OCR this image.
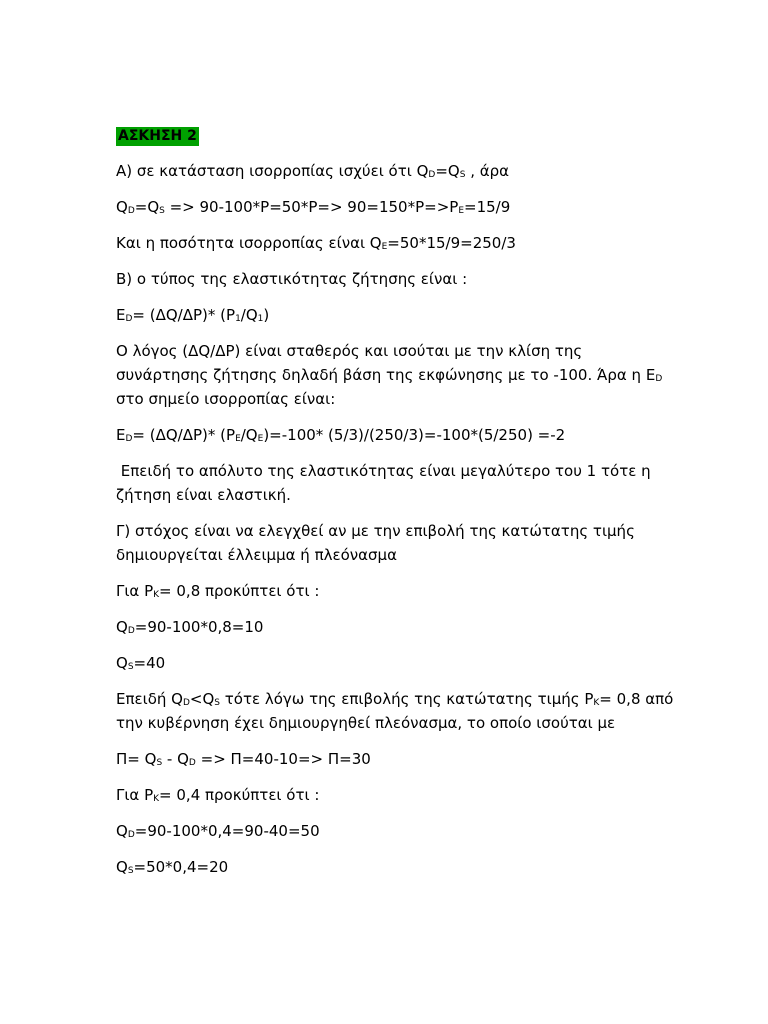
ΑΣΚΗΣΗ 2
Α) σε κατάσταση ισορροπίας ισχύει ότι $Q_D=Q_S$ , άρα
$Q_D=Q_S => 90-100*P=50*P=> 90=150*P=>P_E=15/9$
Και η ποσότητα ισορροπίας είναι $Q_E=50*15/9=250/3$
Β) ο τύπος της ελαστικότητας ζήτησης είναι :
$E_D= (\Delta Q/\Delta P)*$ $(P_1/Q_1)$
Ο λόγος (ΔQ/ΔP) είναι σταθερός και ισούται με την κλίση της
συνάρτησης ζήτησης δηλαδή βάση της εκφώνησης με το -100. Άρα η $E_D$
στο σημείο ισορροπίας είναι:
$E_D= (\Delta Q/\Delta P)*$ $(P_E/Q_E)=-100*$ (5/3)/(250/3)=-100*(5/250) =-2
Επειδή το απόλυτο της ελαστικότητας είναι μεγαλύτερο του 1 τότε η
ζήτηση είναι ελαστική.
Γ) στόχος είναι να ελεγχθεί αν με την επιβολή της κατώτατης τιμής
δημιουργείται έλλειμμα ή πλεόνασμα
Για $P_K= 0,8$ προκύπτει ότι :
$Q_D=90-100*0,8=10$
$Q_S=40$
Επειδή $Q_D<Q_S$ τότε λόγω της επιβολής της κατώτατης τιμής $P_K= 0,8$ από
την κυβέρνηση έχει δημιουργηθεί πλεόνασμα, το οποίο ισούται με
$\Pi= Q_S - Q_D => \Pi=40-10=> \Pi=30$
Για $P_K= 0,4$ προκύπτει ότι :
$Q_D=90-100*0,4=90-40=50$
$Q_S=50*0,4=20$
